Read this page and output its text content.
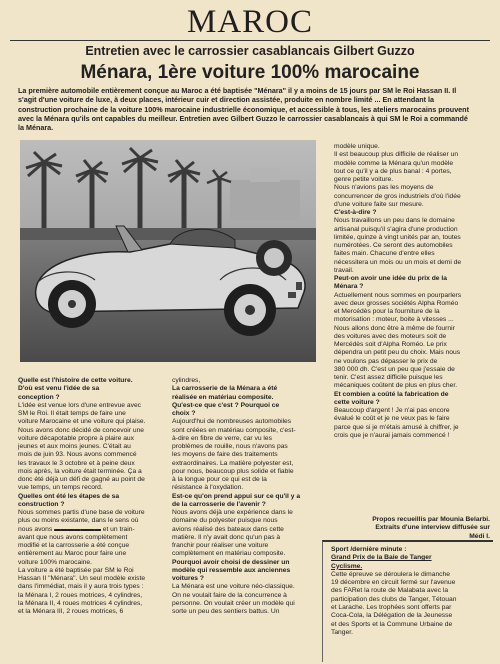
MAROC
Entretien avec le carrossier casablancais Gilbert Guzzo
Ménara, 1ère voiture 100% marocaine
La première automobile entièrement conçue au Maroc a été baptisée "Ménara" il y a moins de 15 jours par SM le Roi Hassan II. Il
s'agit d'une voiture de luxe, à deux places, intérieur cuir et direction assistée, produite en nombre limité ... En attendant la
construction prochaine de la voiture 100% marocaine industrielle économique, et accessible à tous, les ateliers marocains prouvent
avec la Ménara qu'ils ont capables du meilleur. Entretien avec Gilbert Guzzo le carrossier casablancais à qui SM le Roi a commandé
la Ménara.

Quelle est l'histoire de cette voiture.

D'où est venu l'idée de sa

conception ?

L'idée est venue lors d'une entrevue avec

SM le Roi. Il était temps de faire une

voiture Marocaine et une voiture qui plaise.

Nous avons donc décidé de concevoir une

voiture décapotable propre à plaire aux

jeunes et aux moins jeunes. C'était au

mois de juin 93. Nous avons commencé

les travaux le 3 octobre et à peine deux

mois après, la voiture était terminée. Ça a

donc été déjà un défi de gagné au point de

vue temps, un temps record.

Quelles ont été les étapes de sa

construction ?

Nous sommes partis d'une base de voiture

plus ou moins existante, dans le sens où

nous avons ▬▬▬▬▬▬▬ et un train-

avant que nous avons complètement

modifié et la carrosserie a été conçue

entièrement au Maroc pour faire une

voiture 100% marocaine.

La voiture a été baptisée par SM le Roi

Hassan II "Ménara". Un seul modèle existe

dans l'immédiat, mais il y aura trois types :

la Ménara I, 2 roues motrices, 4 cylindres,

la Ménara II, 4 roues motrices 4 cylindres,

et la Ménara III, 2 roues motrices, 6

cylindres,

La carrosserie de la Ménara a été

réalisée en matériau composite.

Qu'est-ce que c'est ? Pourquoi ce

choix ?

Aujourd'hui de nombreuses automobiles

sont créées en matériau composite, c'est-

à-dire en fibre de verre, car vu les

problèmes de rouille, nous n'avons pas

les moyens de faire des traitements

extraordinaires. La matière polyester est,

pour nous, beaucoup plus solide et fiable

à la longue pour ce qui est de la

résistance à l'oxydation.

Est-ce qu'on prend appui sur ce qu'il y a

de la carrosserie de l'avenir ?

Nous avons déjà une expérience dans le

domaine du polyester puisque nous

avions réalisé des bateaux dans cette

matière. Il n'y avait donc qu'un pas à

franchir pour réaliser une voiture

complètement en matériau composite.

Pourquoi avoir choisi de dessiner un

modèle qui ressemble aux anciennes

voitures ?

La Ménara est une voiture néo-classique.

On ne voulait faire de la concurrence à

personne. On voulait créer un modèle qui

sorte un peu des sentiers battus. Un

modèle unique.

Il est beaucoup plus difficile de réaliser un

modèle comme la Ménara qu'un modèle

tout ce qu'il y a de plus banal : 4 portes,

genre petite voiture.

Nous n'avions pas les moyens de

concurrencer de gros industriels d'où l'idée

d'une voiture faite sur mesure.

C'est-à-dire ?

Nous travaillons un peu dans le domaine

artisanal puisqu'il s'agira d'une production

limitée, quinze à vingt unités par an, toutes

numérotées. Ce seront des automobiles

faites main. Chacune d'entre elles

nécessitera un mois ou un mois et demi de

travail.

Peut-on avoir une idée du prix de la

Ménara ?

Actuellement nous sommes en pourparlers

avec deux grosses sociétés Alpha Roméo

et Mercédès pour la fourniture de la

motorisation : moteur, boite à vitesses ...

Nous allons donc être à même de fournir

des voitures avec des moteurs soit de

Mercédès soit d'Alpha Roméo. Le prix

dépendra un petit peu du choix. Mais nous

ne voulons pas dépasser le prix de

380 000 dh. C'est un peu que j'essaie de

tenir. C'est assez difficile puisque les

mécaniques coûtent de plus en plus cher.

Et combien a coûté la fabrication de

cette voiture ?

Beaucoup d'argent ! Je n'ai pas encore

évalué le coût et je ne veux pas le faire

parce que si je m'étais amusé à chiffrer, je

crois que je n'aurai jamais commencé !

Propos recueillis par Mounia Belarbi.
Extraits d'une interview diffusée sur
Médi I.
Sport /dernière minute :
Grand Prix de la Baie de Tanger
Cyclisme.
Cette épreuve se déroulera le dimanche
19 décembre en circuit fermé sur l'avenue
des FARet la route de Malabata avec la
participation des clubs de Tanger, Tétouan
et Larache. Les trophées sont offerts par
Coca-Cola, la Délégation de la Jeunesse
et des Sports et la Commune Urbaine de
Tanger.
